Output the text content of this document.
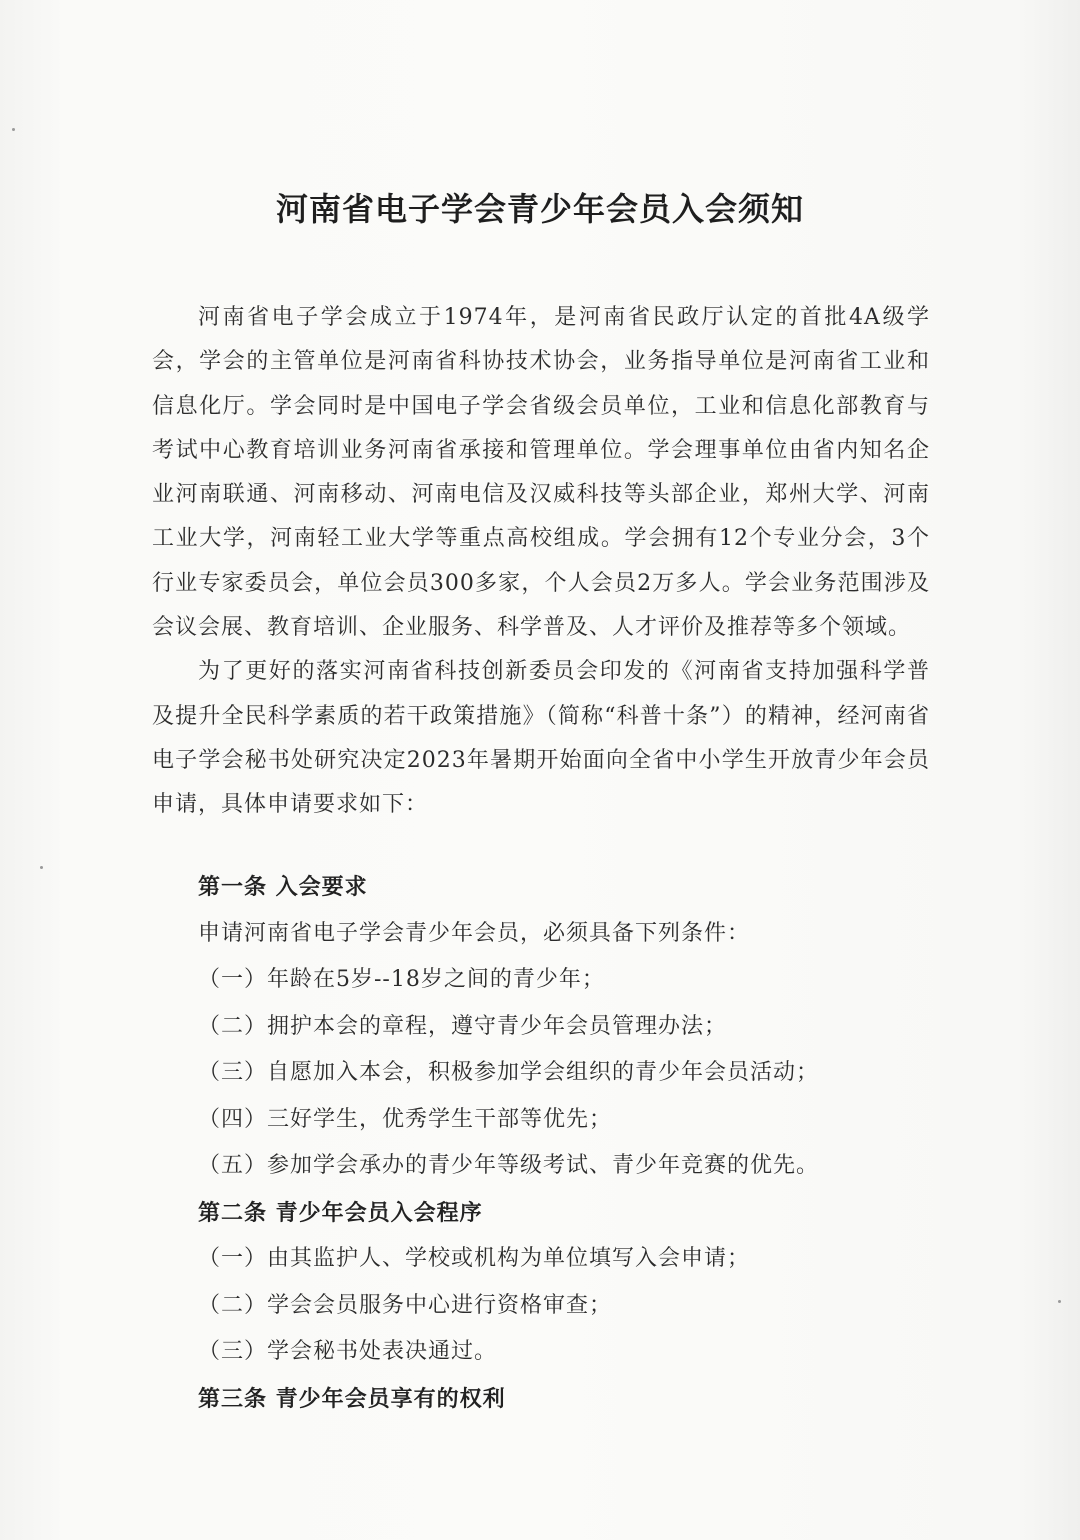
河南省电子学会青少年会员入会须知

河南省电子学会成立于1974年，是河南省民政厅认定的首批4A级学会，学会的主管单位是河南省科协技术协会，业务指导单位是河南省工业和信息化厅。学会同时是中国电子学会省级会员单位，工业和信息化部教育与考试中心教育培训业务河南省承接和管理单位。学会理事单位由省内知名企业河南联通、河南移动、河南电信及汉威科技等头部企业，郑州大学、河南工业大学，河南轻工业大学等重点高校组成。学会拥有12个专业分会，3个行业专家委员会，单位会员300多家，个人会员2万多人。学会业务范围涉及会议会展、教育培训、企业服务、科学普及、人才评价及推荐等多个领域。

为了更好的落实河南省科技创新委员会印发的《河南省支持加强科学普及提升全民科学素质的若干政策措施》（简称“科普十条”）的精神，经河南省电子学会秘书处研究决定2023年暑期开始面向全省中小学生开放青少年会员申请，具体申请要求如下：

第一条 入会要求

申请河南省电子学会青少年会员，必须具备下列条件：

（一）年龄在5岁--18岁之间的青少年；

（二）拥护本会的章程，遵守青少年会员管理办法；

（三）自愿加入本会，积极参加学会组织的青少年会员活动；

（四）三好学生，优秀学生干部等优先；

（五）参加学会承办的青少年等级考试、青少年竞赛的优先。

第二条 青少年会员入会程序

（一）由其监护人、学校或机构为单位填写入会申请；

（二）学会会员服务中心进行资格审查；

（三）学会秘书处表决通过。

第三条 青少年会员享有的权利
